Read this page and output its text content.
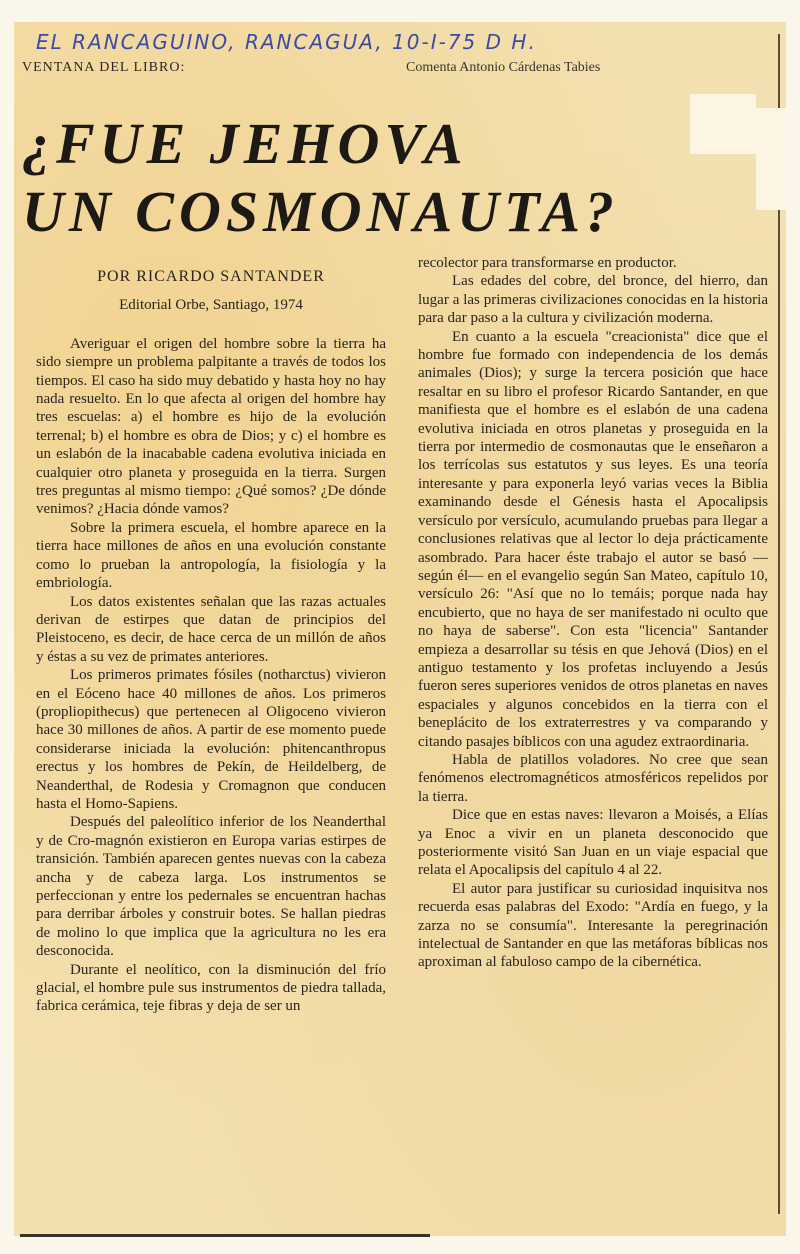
EL RANCAGUINO, RANCAGUA, 10-I-75 D H.
VENTANA DEL LIBRO:	Comenta Antonio Cárdenas Tabies
¿FUE JEHOVA
UN COSMONAUTA?
POR RICARDO SANTANDER
Editorial Orbe, Santiago, 1974

Averiguar el origen del hombre sobre la tierra ha sido siempre un problema palpitante a través de todos los tiempos. El caso ha sido muy debatido y hasta hoy no hay nada resuelto. En lo que afecta al origen del hombre hay tres escuelas: a) el hombre es hijo de la evolución terrenal; b) el hombre es obra de Dios; y c) el hombre es un eslabón de la inacabable cadena evolutiva iniciada en cualquier otro planeta y proseguida en la tierra. Surgen tres preguntas al mismo tiempo: ¿Qué somos? ¿De dónde venimos? ¿Hacia dónde vamos?

Sobre la primera escuela, el hombre aparece en la tierra hace millones de años en una evolución constante como lo prueban la antropología, la fisiología y la embriología.

Los datos existentes señalan que las razas actuales derivan de estirpes que datan de principios del Pleistoceno, es decir, de hace cerca de un millón de años y éstas a su vez de primates anteriores.

Los primeros primates fósiles (notharctus) vivieron en el Eóceno hace 40 millones de años. Los primeros (propliopithecus) que pertenecen al Oligoceno vivieron hace 30 millones de años. A partir de ese momento puede considerarse iniciada la evolución: phitencanthropus erectus y los hombres de Pekín, de Heildelberg, de Neanderthal, de Rodesia y Cromagnon que conducen hasta el Homo-Sapiens.

Después del paleolítico inferior de los Neanderthal y de Cro-magnón existieron en Europa varias estirpes de transición. También aparecen gentes nuevas con la cabeza ancha y de cabeza larga. Los instrumentos se perfeccionan y entre los pedernales se encuentran hachas para derribar árboles y construir botes. Se hallan piedras de molino lo que implica que la agricultura no les era desconocida.

Durante el neolítico, con la disminución del frío glacial, el hombre pule sus instrumentos de piedra tallada, fabrica cerámica, teje fibras y deja de ser un

recolector para transformarse en productor.

Las edades del cobre, del bronce, del hierro, dan lugar a las primeras civilizaciones conocidas en la historia para dar paso a la cultura y civilización moderna.

En cuanto a la escuela "creacionista" dice que el hombre fue formado con independencia de los demás animales (Dios); y surge la tercera posición que hace resaltar en su libro el profesor Ricardo Santander, en que manifiesta que el hombre es el eslabón de una cadena evolutiva iniciada en otros planetas y proseguida en la tierra por intermedio de cosmonautas que le enseñaron a los terrícolas sus estatutos y sus leyes. Es una teoría interesante y para exponerla leyó varias veces la Biblia examinando desde el Génesis hasta el Apocalipsis versículo por versículo, acumulando pruebas para llegar a conclusiones relativas que al lector lo deja prácticamente asombrado. Para hacer éste trabajo el autor se basó —según él— en el evangelio según San Mateo, capítulo 10, versículo 26: "Así que no lo temáis; porque nada hay encubierto, que no haya de ser manifestado ni oculto que no haya de saberse". Con esta "licencia" Santander empieza a desarrollar su tésis en que Jehová (Dios) en el antiguo testamento y los profetas incluyendo a Jesús fueron seres superiores venidos de otros planetas en naves espaciales y algunos concebidos en la tierra con el beneplácito de los extraterrestres y va comparando y citando pasajes bíblicos con una agudez extraordinaria.

Habla de platillos voladores. No cree que sean fenómenos electromagnéticos atmosféricos repelidos por la tierra.

Dice que en estas naves: llevaron a Moisés, a Elías ya Enoc a vivir en un planeta desconocido que posteriormente visitó San Juan en un viaje espacial que relata el Apocalipsis del capítulo 4 al 22.

El autor para justificar su curiosidad inquisitva nos recuerda esas palabras del Exodo: "Ardía en fuego, y la zarza no se consumía". Interesante la peregrinación intelectual de Santander en que las metáforas bíblicas nos aproximan al fabuloso campo de la cibernética.
